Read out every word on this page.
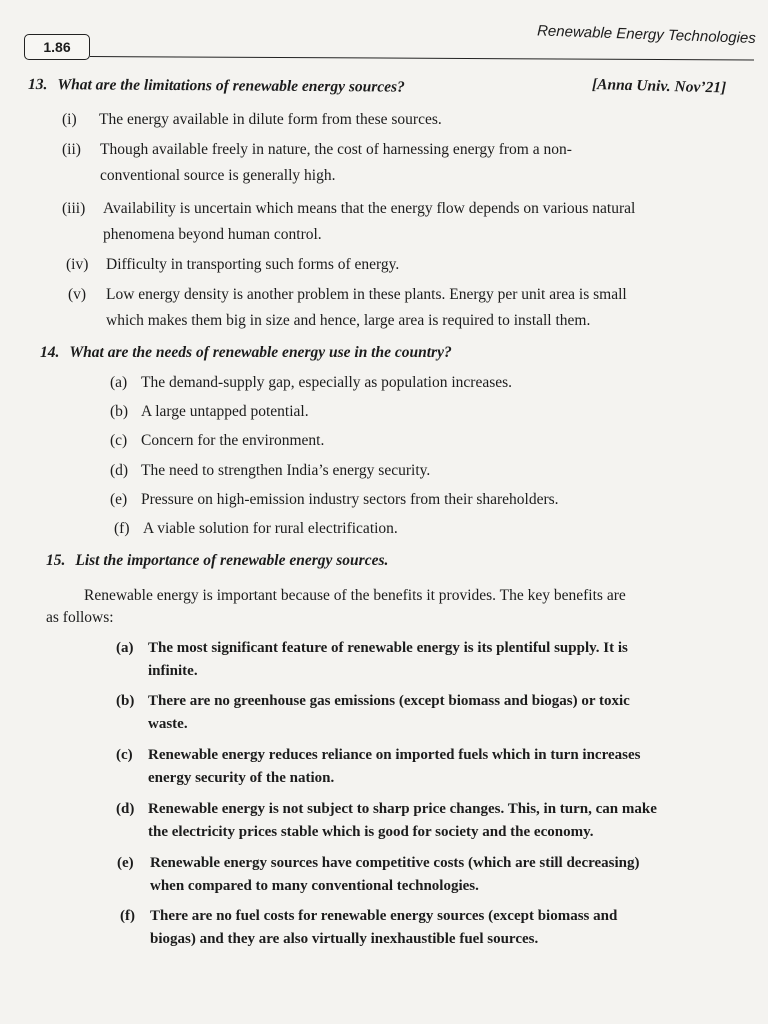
1.86
Renewable Energy Technologies
13. What are the limitations of renewable energy sources?	[Anna Univ. Nov’21]
(i)	The energy available in dilute form from these sources.
(ii)	Though available freely in nature, the cost of harnessing energy from a non-
conventional source is generally high.
(iii)	Availability is uncertain which means that the energy flow depends on various natural
phenomena beyond human control.
(iv)	Difficulty in transporting such forms of energy.
(v)	Low energy density is another problem in these plants. Energy per unit area is small
which makes them big in size and hence, large area is required to install them.
14. What are the needs of renewable energy use in the country?
(a) The demand-supply gap, especially as population increases.
(b) A large untapped potential.
(c) Concern for the environment.
(d) The need to strengthen India’s energy security.
(e) Pressure on high-emission industry sectors from their shareholders.
(f) A viable solution for rural electrification.
15. List the importance of renewable energy sources.
Renewable energy is important because of the benefits it provides. The key benefits are
as follows:
(a) The most significant feature of renewable energy is its plentiful supply. It is
infinite.
(b) There are no greenhouse gas emissions (except biomass and biogas) or toxic
waste.
(c)	Renewable energy reduces reliance on imported fuels which in turn increases
energy security of the nation.
(d) Renewable energy is not subject to sharp price changes. This, in turn, can make
the electricity prices stable which is good for society and the economy.
(e)	Renewable energy sources have competitive costs (which are still decreasing)
when compared to many conventional technologies.
(f)	There are no fuel costs for renewable energy sources (except biomass and
biogas) and they are also virtually inexhaustible fuel sources.
